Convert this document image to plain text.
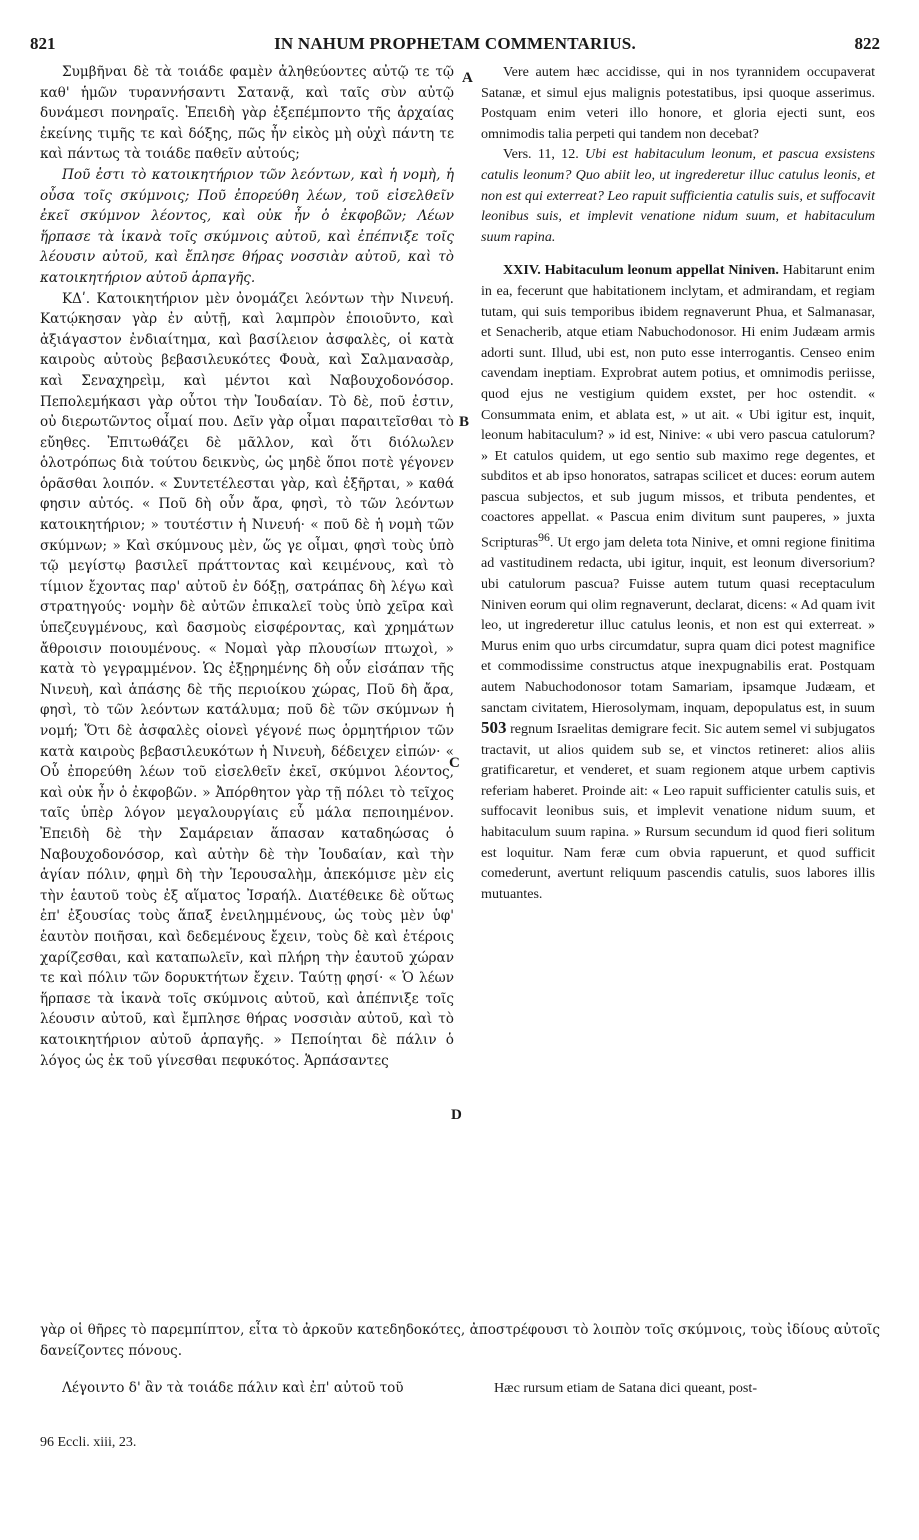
821	IN NAHUM PROPHETAM COMMENTARIUS.	822

Συμβῆναι δὲ τὰ τοιάδε φαμὲν ἀληθεύοντες αὐτῷ τε τῷ καθ' ἡμῶν τυραννήσαντι Σατανᾷ, καὶ ταῖς σὺν αὐτῷ δυνάμεσι πονηραῖς. Ἐπειδὴ γὰρ ἐξεπέμποντο τῆς ἀρχαίας ἐκείνης τιμῆς τε καὶ δόξης, πῶς ἦν εἰκὸς μὴ οὐχὶ πάντη τε καὶ πάντως τὰ τοιάδε παθεῖν αὐτούς;

Ποῦ ἐστι τὸ κατοικητήριον τῶν λεόντων, καὶ ἡ νομὴ, ἡ οὖσα τοῖς σκύμνοις; Ποῦ ἐπορεύθη λέων, τοῦ εἰσελθεῖν ἐκεῖ σκύμνον λέοντος, καὶ οὐκ ἦν ὁ ἐκφοβῶν; Λέων ἥρπασε τὰ ἱκανὰ τοῖς σκύμνοις αὐτοῦ, καὶ ἐπέπνιξε τοῖς λέουσιν αὐτοῦ, καὶ ἔπλησε θήρας νοσσιὰν αὐτοῦ, καὶ τὸ κατοικητήριον αὐτοῦ ἁρπαγῆς.

ΚΔʹ. Κατοικητήριον μὲν ὀνομάζει λεόντων τὴν Νινευή. Κατῴκησαν γὰρ ἐν αὐτῇ, καὶ λαμπρὸν ἐποιοῦντο, καὶ ἀξιάγαστον ἐνδιαίτημα, καὶ βασίλειον ἀσφαλὲς, οἱ κατὰ καιροὺς αὐτοὺς βεβασιλευκότες Φουὰ, καὶ Σαλμανασὰρ, καὶ Σεναχηρεὶμ, καὶ μέντοι καὶ Ναβουχοδονόσορ. Πεπολεμήκασι γὰρ οὗτοι τὴν Ἰουδαίαν. Τὸ δὲ, ποῦ ἐστιν, οὐ διερωτῶντος οἶμαί που. Δεῖν γὰρ οἶμαι παραιτεῖσθαι τὸ εὔηθες. Ἐπιτωθάζει δὲ μᾶλλον, καὶ ὅτι διόλωλεν ὁλοτρόπως διὰ τούτου δεικνὺς, ὡς μηδὲ ὅποι ποτὲ γέγονεν ὁρᾶσθαι λοιπόν. « Συντετέλεσται γὰρ, καὶ ἐξῆρται, » καθά φησιν αὐτός. « Ποῦ δὴ οὖν ἄρα, φησὶ, τὸ τῶν λεόντων κατοικητήριον; » τουτέστιν ἡ Νινευή· « ποῦ δὲ ἡ νομὴ τῶν σκύμνων; » Καὶ σκύμνους μὲν, ὥς γε οἶμαι, φησὶ τοὺς ὑπὸ τῷ μεγίστῳ βασιλεῖ πράττοντας καὶ κειμένους, καὶ τὸ τίμιον ἔχοντας παρ' αὐτοῦ ἐν δόξῃ, σατράπας δὴ λέγω καὶ στρατηγούς· νομὴν δὲ αὐτῶν ἐπικαλεῖ τοὺς ὑπὸ χεῖρα καὶ ὑπεζευγμένους, καὶ δασμοὺς εἰσφέροντας, καὶ χρημάτων ἄθροισιν ποιουμένους. « Νομαὶ γὰρ πλουσίων πτωχοὶ, » κατὰ τὸ γεγραμμένον. Ὡς ἐξῃρημένης δὴ οὖν εἰσάπαν τῆς Νινευὴ, καὶ ἁπάσης δὲ τῆς περιοίκου χώρας, Ποῦ δὴ ἄρα, φησὶ, τὸ τῶν λεόντων κατάλυμα; ποῦ δὲ τῶν σκύμνων ἡ νομή; Ὅτι δὲ ἀσφαλὲς οἱονεὶ γέγονέ πως ὁρμητήριον τῶν κατὰ καιροὺς βεβασιλευκότων ἡ Νινευὴ, δέδειχεν εἰπών· « Οὗ ἐπορεύθη λέων τοῦ εἰσελθεῖν ἐκεῖ, σκύμνοι λέοντος, καὶ οὐκ ἦν ὁ ἐκφοβῶν. » Ἀπόρθητον γὰρ τῇ πόλει τὸ τεῖχος ταῖς ὑπὲρ λόγον μεγαλουργίαις εὖ μάλα πεποιημένον. Ἐπειδὴ δὲ τὴν Σαμάρειαν ἅπασαν καταδηώσας ὁ Ναβουχοδονόσορ, καὶ αὐτὴν δὲ τὴν Ἰουδαίαν, καὶ τὴν ἁγίαν πόλιν, φημὶ δὴ τὴν Ἱερουσαλὴμ, ἀπεκόμισε μὲν εἰς τὴν ἑαυτοῦ τοὺς ἐξ αἵματος Ἰσραήλ. Διατέθεικε δὲ οὕτως ἐπ' ἐξουσίας τοὺς ἅπαξ ἐνειλημμένους, ὡς τοὺς μὲν ὑφ' ἑαυτὸν ποιῆσαι, καὶ δεδεμένους ἔχειν, τοὺς δὲ καὶ ἑτέροις χαρίζεσθαι, καὶ καταπωλεῖν, καὶ πλήρη τὴν ἑαυτοῦ χώραν τε καὶ πόλιν τῶν δορυκτήτων ἔχειν. Ταύτῃ φησί· « Ὁ λέων ἥρπασε τὰ ἱκανὰ τοῖς σκύμνοις αὐτοῦ, καὶ ἀπέπνιξε τοῖς λέουσιν αὐτοῦ, καὶ ἔμπλησε θήρας νοσσιὰν αὐτοῦ, καὶ τὸ κατοικητήριον αὐτοῦ ἁρπαγῆς. » Πεποίηται δὲ πάλιν ὁ λόγος ὡς ἐκ τοῦ γίνεσθαι πεφυκότος. Ἁρπάσαντες

Vere autem hæc accidisse, qui in nos tyrannidem occupaverat Satanæ, et simul ejus malignis potestatibus, ipsi quoque asserimus. Postquam enim veteri illo honore, et gloria ejecti sunt, eos omnimodis talia perpeti qui tandem non decebat?

Vers. 11, 12. Ubi est habitaculum leonum, et pascua exsistens catulis leonum? Quo abiit leo, ut ingrederetur illuc catulus leonis, et non est qui exterreat? Leo rapuit sufficientia catulis suis, et suffocavit leonibus suis, et implevit venatione nidum suum, et habitaculum suum rapina.

XXIV. Habitaculum leonum appellat Niniven. Habitarunt enim in ea, fecerunt que habitationem inclytam, et admirandam, et regiam tutam, qui suis temporibus ibidem regnaverunt Phua, et Salmanasar, et Senacherib, atque etiam Nabuchodonosor. Hi enim Judæam armis adorti sunt. Illud, ubi est, non puto esse interrogantis. Censeo enim cavendam ineptiam. Exprobrat autem potius, et omnimodis periisse, quod ejus ne vestigium quidem exstet, per hoc ostendit. « Consummata enim, et ablata est, » ut ait. « Ubi igitur est, inquit, leonum habitaculum? » id est, Ninive: « ubi vero pascua catulorum? » Et catulos quidem, ut ego sentio sub maximo rege degentes, et subditos et ab ipso honoratos, satrapas scilicet et duces: eorum autem pascua subjectos, et sub jugum missos, et tributa pendentes, et coactores appellat. « Pascua enim divitum sunt pauperes, » juxta Scripturas$^{96}$. Ut ergo jam deleta tota Ninive, et omni regione finitima ad vastitudinem redacta, ubi igitur, inquit, est leonum diversorium? ubi catulorum pascua? Fuisse autem tutum quasi receptaculum Niniven eorum qui olim regnaverunt, declarat, dicens: « Ad quam ivit leo, ut ingrederetur illuc catulus leonis, et non est qui exterreat. » Murus enim quo urbs circumdatur, supra quam dici potest magnifice et commodissime constructus atque inexpugnabilis erat. Postquam autem Nabuchodonosor totam Samariam, ipsamque Judæam, et sanctam civitatem, Hierosolymam, inquam, depopulatus est, in suum 503 regnum Israelitas demigrare fecit. Sic autem semel vi subjugatos tractavit, ut alios quidem sub se, et vinctos retineret: alios aliis gratificaretur, et venderet, et suam regionem atque urbem captivis referiam haberet. Proinde ait: « Leo rapuit sufficienter catulis suis, et suffocavit leonibus suis, et implevit venatione nidum suum, et habitaculum suum rapina. » Rursum secundum id quod fieri solitum est loquitur. Nam feræ cum obvia rapuerunt, et quod sufficit comederunt, avertunt reliquum pascendis catulis, suos labores illis mutuantes.

A
B
C
D
γὰρ οἱ θῆρες τὸ παρεμπίπτον, εἶτα τὸ ἀρκοῦν κατεδηδοκότες, ἀποστρέφουσι τὸ λοιπὸν τοῖς σκύμνοις, τοὺς ἰδίους αὐτοῖς δανείζοντες πόνους.
Λέγοιντο δ' ἂν τὰ τοιάδε πάλιν καὶ ἐπ' αὐτοῦ τοῦ	Hæc rursum etiam de Satana dici queant, post-
96 Eccli. xiii, 23.
